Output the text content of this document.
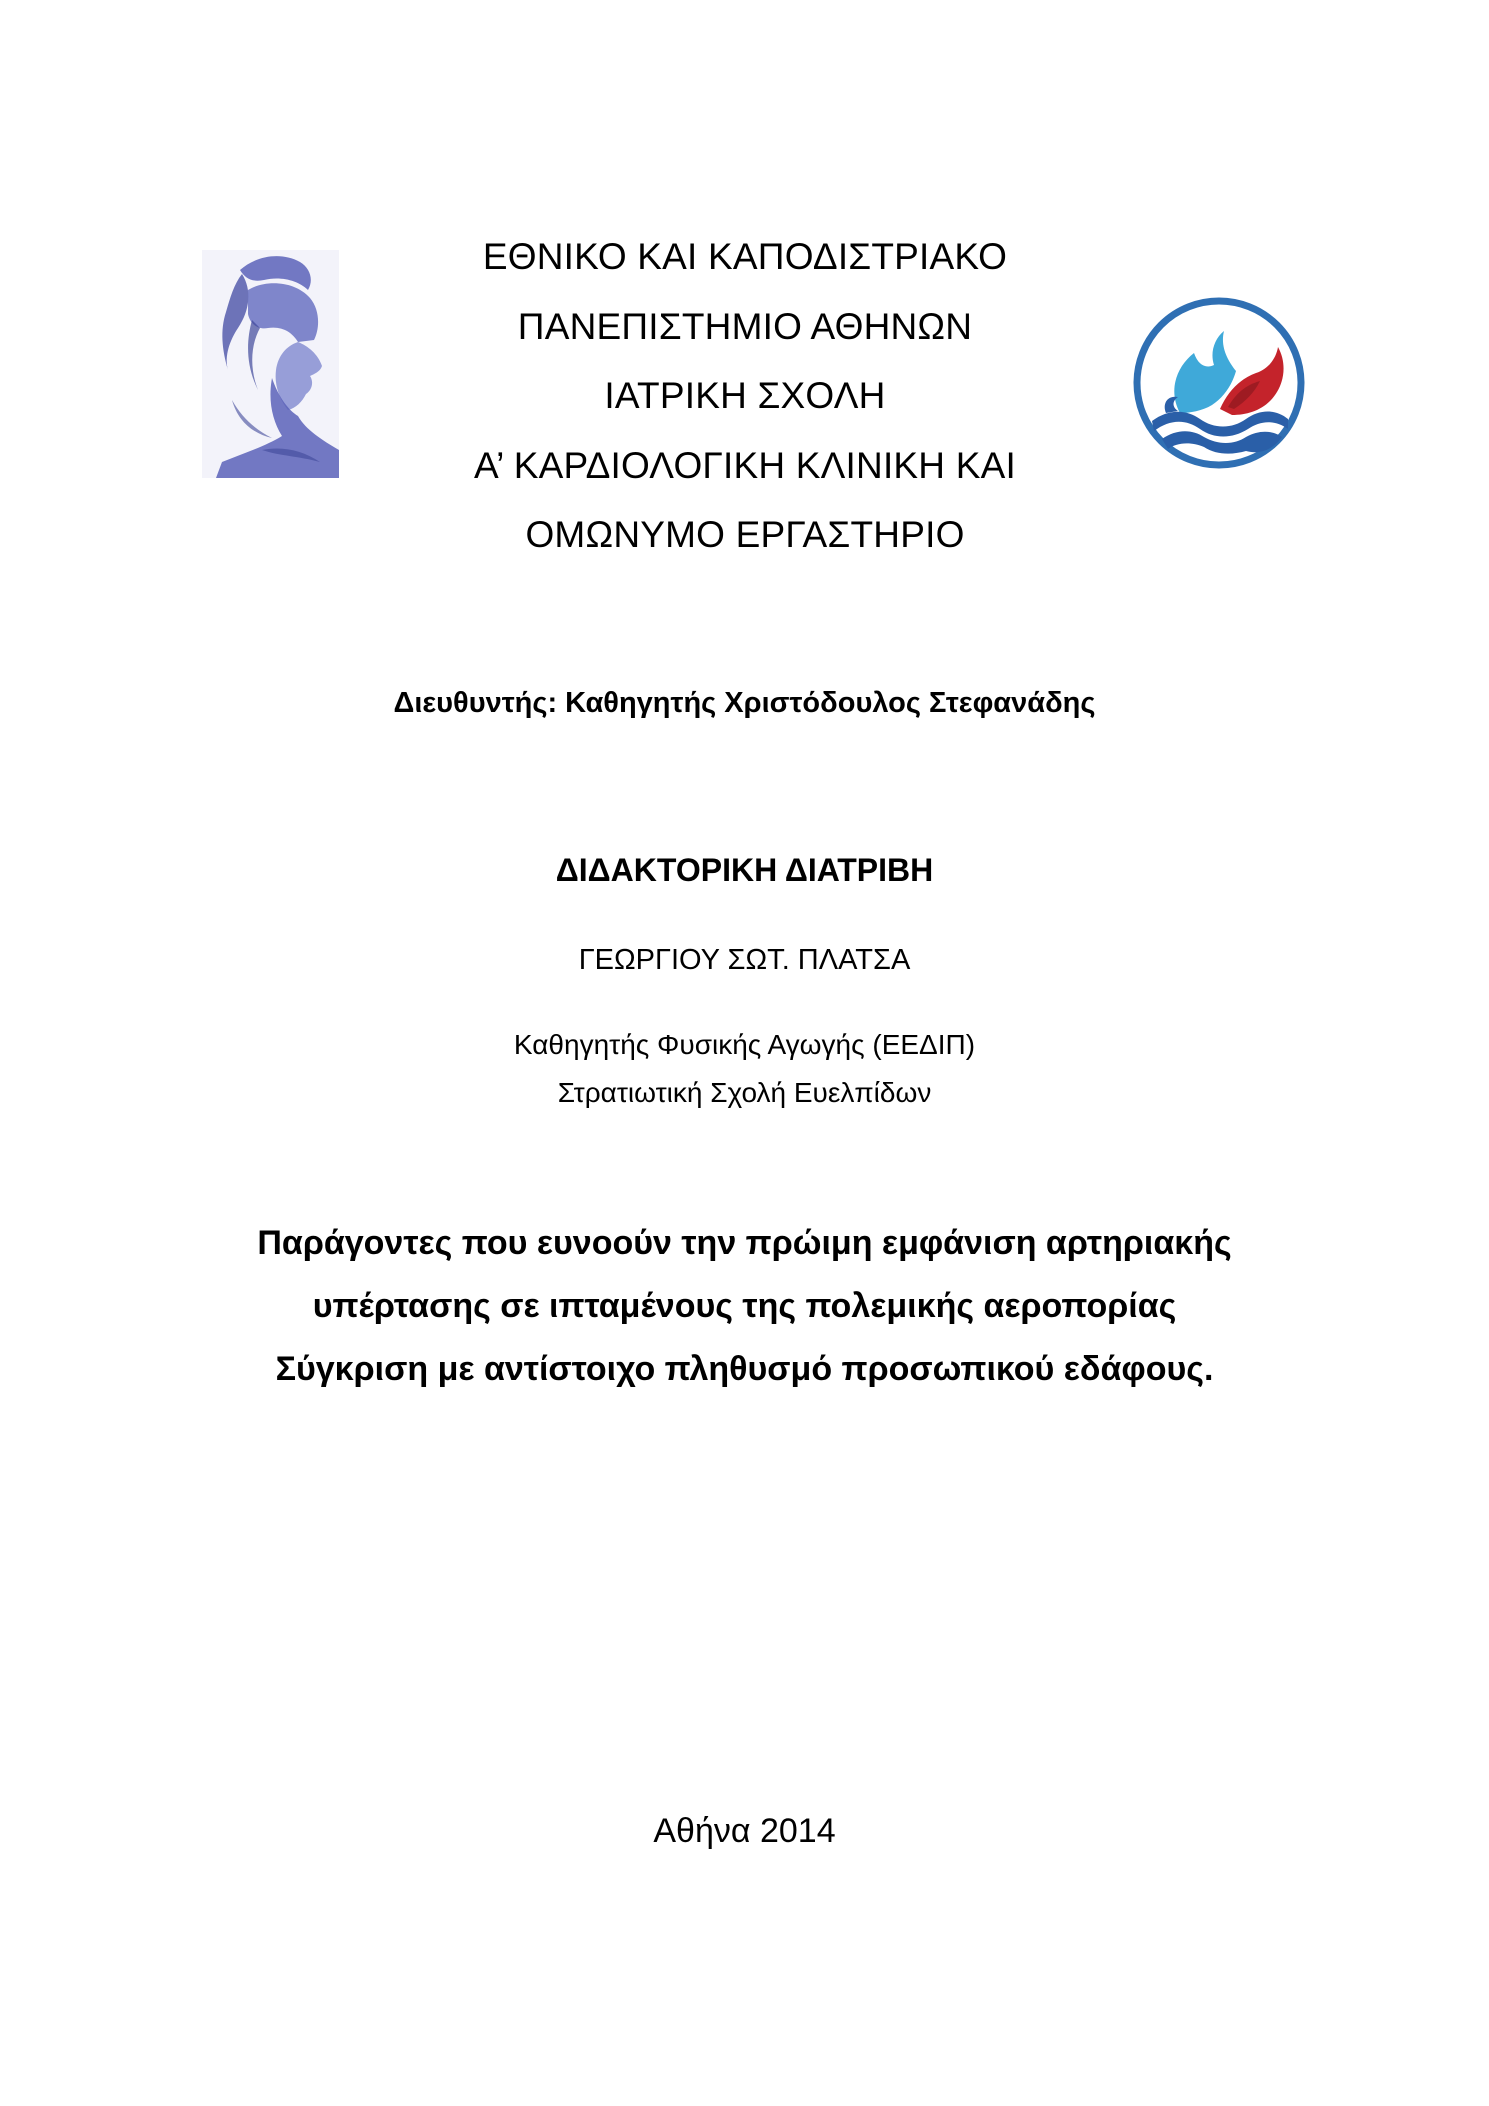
ΕΘΝΙΚΟ ΚΑΙ ΚΑΠΟΔΙΣΤΡΙΑΚΟ
ΠΑΝΕΠΙΣΤΗΜΙΟ ΑΘΗΝΩΝ
ΙΑΤΡΙΚΗ ΣΧΟΛΗ
Α’ ΚΑΡΔΙΟΛΟΓΙΚΗ ΚΛΙΝΙΚΗ ΚΑΙ
ΟΜΩΝΥΜΟ ΕΡΓΑΣΤΗΡΙΟ
Διευθυντής: Καθηγητής Χριστόδουλος Στεφανάδης
ΔΙΔΑΚΤΟΡΙΚΗ ΔΙΑΤΡΙΒΗ
ΓΕΩΡΓΙΟΥ ΣΩΤ. ΠΛΑΤΣΑ
Καθηγητής Φυσικής Αγωγής (ΕΕΔΙΠ)
Στρατιωτική Σχολή Ευελπίδων
Παράγοντες που ευνοούν την πρώιμη εμφάνιση αρτηριακής
υπέρτασης σε ιπταμένους της πολεμικής αεροπορίας
Σύγκριση με αντίστοιχο πληθυσμό προσωπικού εδάφους.
Αθήνα 2014
